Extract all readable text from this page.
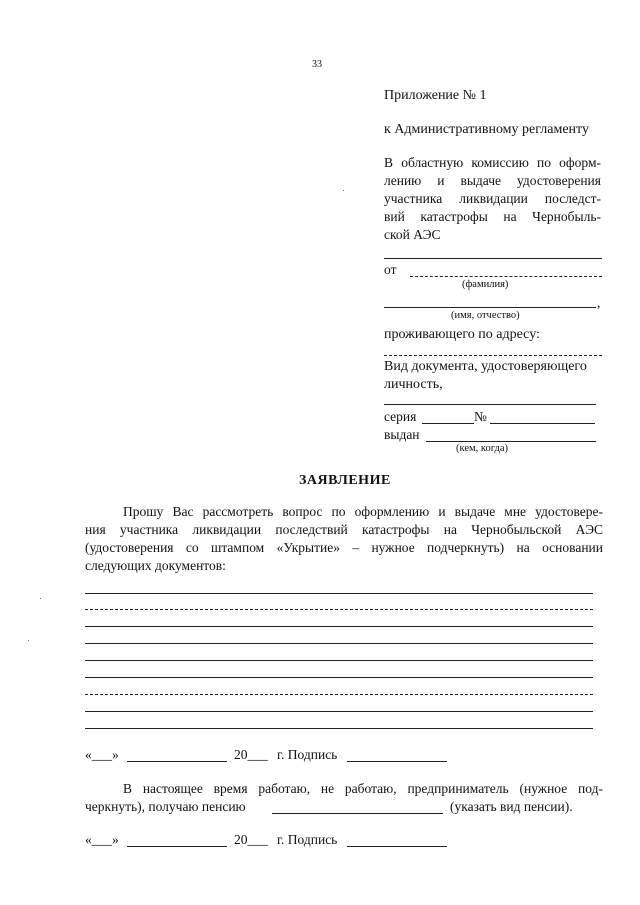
33
Приложение № 1
к Административному регламенту
В областную комиссию по оформ-
лению и выдаче удостоверения
участника ликвидации последст-
вий катастрофы на Чернобыль-
ской АЭС
от
(фамилия)
,
(имя, отчество)
проживающего по адресу:
Вид документа, удостоверяющего
личность,
серия	№
выдан
(кем, когда)
ЗАЯВЛЕНИЕ
Прошу Вас рассмотреть вопрос по оформлению и выдаче мне удостовере-
ния участника ликвидации последствий катастрофы на Чернобыльской АЭС
(удостоверения со штампом «Укрытие» – нужное подчеркнуть) на основании
следующих документов:
«___»	20___ г. Подпись
В настоящее время работаю, не работаю, предприниматель (нужное под-
черкнуть), получаю пенсию	(указать вид пенсии).
«___»	20___ г. Подпись
